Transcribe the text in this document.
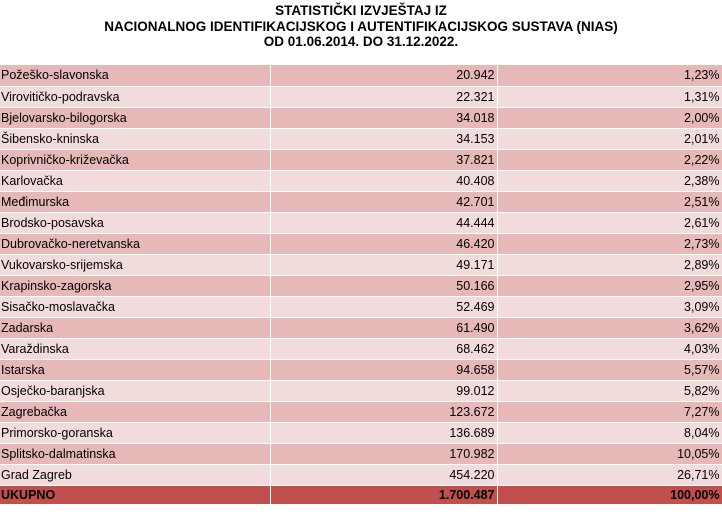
STATISTIČKI IZVJEŠTAJ IZ
NACIONALNOG IDENTIFIKACIJSKOG I AUTENTIFIKACIJSKOG SUSTAVA (NIAS)
OD 01.06.2014. DO 31.12.2022.
Požeško-slavonska	20.942	1,23%
Virovitičko-podravska	22.321	1,31%
Bjelovarsko-bilogorska	34.018	2,00%
Šibensko-kninska	34.153	2,01%
Koprivničko-križevačka	37.821	2,22%
Karlovačka	40.408	2,38%
Međimurska	42.701	2,51%
Brodsko-posavska	44.444	2,61%
Dubrovačko-neretvanska	46.420	2,73%
Vukovarsko-srijemska	49.171	2,89%
Krapinsko-zagorska	50.166	2,95%
Sisačko-moslavačka	52.469	3,09%
Zadarska	61.490	3,62%
Varaždinska	68.462	4,03%
Istarska	94.658	5,57%
Osječko-baranjska	99.012	5,82%
Zagrebačka	123.672	7,27%
Primorsko-goranska	136.689	8,04%
Splitsko-dalmatinska	170.982	10,05%
Grad Zagreb	454.220	26,71%
UKUPNO	1.700.487	100,00%
